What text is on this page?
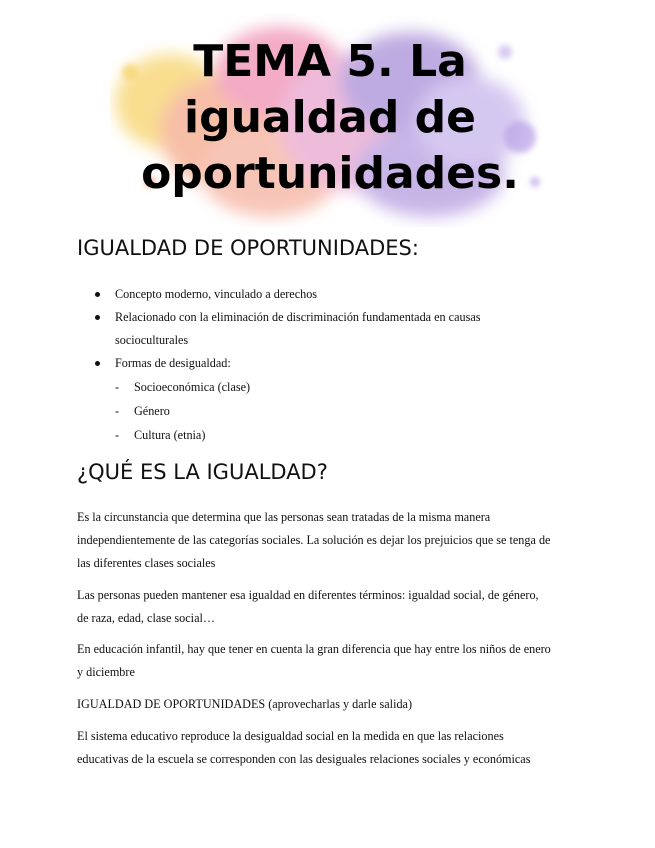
TEMA 5. La
igualdad de
oportunidades.
IGUALDAD DE OPORTUNIDADES:
Concepto moderno, vinculado a derechos
Relacionado con la eliminación de discriminación fundamentada en causas
socioculturales
Formas de desigualdad:
- Socioeconómica (clase)
- Género
- Cultura (etnia)
¿QUÉ ES LA IGUALDAD?

Es la circunstancia que determina que las personas sean tratadas de la misma manera
independientemente de las categorías sociales. La solución es dejar los prejuicios que se tenga de
las diferentes clases sociales

Las personas pueden mantener esa igualdad en diferentes términos: igualdad social, de género,
de raza, edad, clase social…

En educación infantil, hay que tener en cuenta la gran diferencia que hay entre los niños de enero
y diciembre

IGUALDAD DE OPORTUNIDADES (aprovecharlas y darle salida)

El sistema educativo reproduce la desigualdad social en la medida en que las relaciones
educativas de la escuela se corresponden con las desiguales relaciones sociales y económicas
